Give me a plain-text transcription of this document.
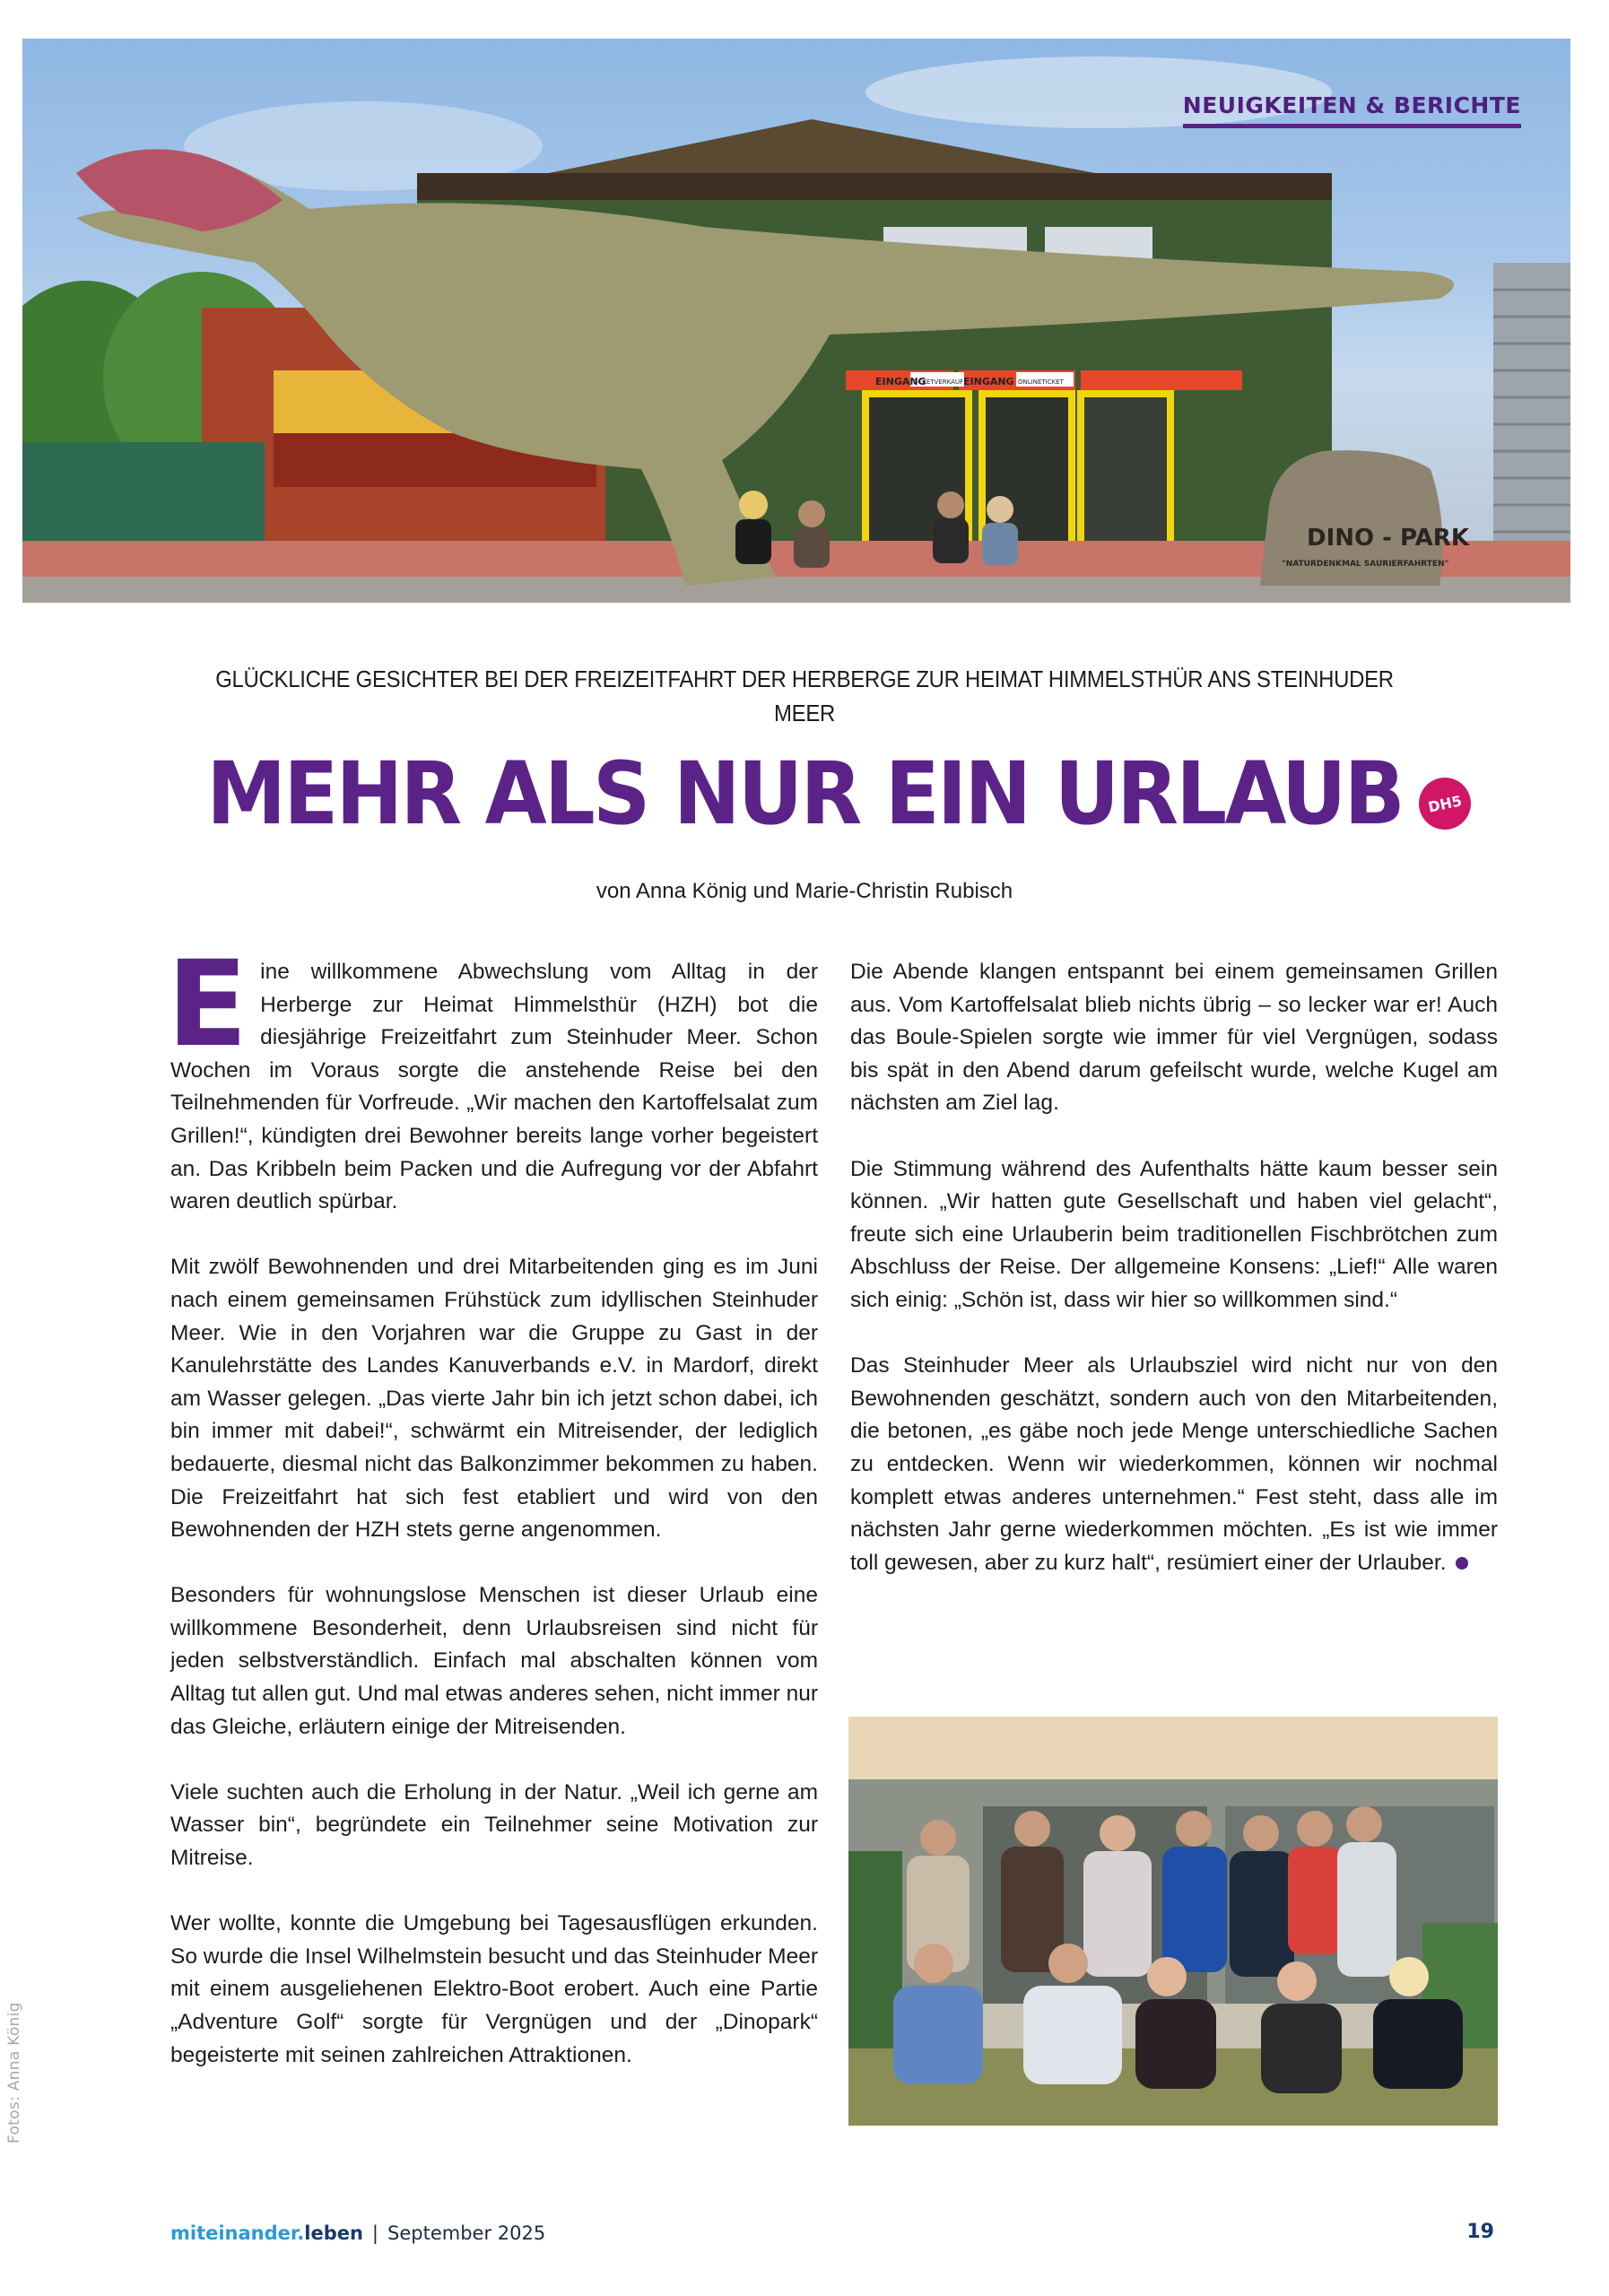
EINGANG
TICKETVERKAUF EINGANG ONLINETICKET
DINO - PARK
"NATURDENKMAL SAURIERFAHRTEN"
NEUIGKEITEN & BERICHTE
GLÜCKLICHE GESICHTER BEI DER FREIZEITFAHRT DER HERBERGE ZUR HEIMAT HIMMELSTHÜR ANS STEINHUDER MEER
MEHR ALS NUR EIN URLAUB	DH5
von Anna König und Marie-Christin Rubisch

Eine willkommene Abwechslung vom Alltag in der Herberge zur Heimat Himmelsthür (HZH) bot die diesjährige Freizeitfahrt zum Steinhuder Meer. Schon Wochen im Voraus sorgte die anstehende Reise bei den Teilnehmenden für Vorfreude. „Wir machen den Kartoffelsalat zum Grillen!“, kündigten drei Bewohner bereits lange vorher begeistert an. Das Kribbeln beim Packen und die Aufregung vor der Abfahrt waren deutlich spürbar.

Mit zwölf Bewohnenden und drei Mitarbeitenden ging es im Juni nach einem gemeinsamen Frühstück zum idyllischen Steinhuder Meer. Wie in den Vorjahren war die Gruppe zu Gast in der Kanulehrstätte des Landes Kanuverbands e.V. in Mardorf, direkt am Wasser gelegen. „Das vierte Jahr bin ich jetzt schon dabei, ich bin immer mit dabei!“, schwärmt ein Mitreisender, der lediglich bedauerte, diesmal nicht das Balkonzimmer bekommen zu haben. Die Freizeitfahrt hat sich fest etabliert und wird von den Bewohnenden der HZH stets gerne angenommen.

Besonders für wohnungslose Menschen ist dieser Urlaub eine willkommene Besonderheit, denn Urlaubsreisen sind nicht für jeden selbstverständlich. Einfach mal abschalten können vom Alltag tut allen gut. Und mal etwas anderes sehen, nicht immer nur das Gleiche, erläutern einige der Mitreisenden.

Viele suchten auch die Erholung in der Natur. „Weil ich gerne am Wasser bin“, begründete ein Teilnehmer seine Motivation zur Mitreise.

Wer wollte, konnte die Umgebung bei Tagesausflügen erkunden. So wurde die Insel Wilhelmstein besucht und das Steinhuder Meer mit einem ausgeliehenen Elektro-Boot erobert. Auch eine Partie „Adventure Golf“ sorgte für Vergnügen und der „Dinopark“ begeisterte mit seinen zahlreichen Attraktionen.

Die Abende klangen entspannt bei einem gemeinsamen Grillen aus. Vom Kartoffelsalat blieb nichts übrig – so lecker war er! Auch das Boule-Spielen sorgte wie immer für viel Vergnügen, sodass bis spät in den Abend darum gefeilscht wurde, welche Kugel am nächsten am Ziel lag.

Die Stimmung während des Aufenthalts hätte kaum besser sein können. „Wir hatten gute Gesellschaft und haben viel gelacht“, freute sich eine Urlauberin beim traditionellen Fischbrötchen zum Abschluss der Reise. Der allgemeine Konsens: „Lief!“ Alle waren sich einig: „Schön ist, dass wir hier so willkommen sind.“

Das Steinhuder Meer als Urlaubsziel wird nicht nur von den Bewohnenden geschätzt, sondern auch von den Mitarbeitenden, die betonen, „es gäbe noch jede Menge unterschiedliche Sachen zu entdecken. Wenn wir wiederkommen, können wir nochmal komplett etwas anderes unternehmen.“ Fest steht, dass alle im nächsten Jahr gerne wiederkommen möchten. „Es ist wie immer toll gewesen, aber zu kurz halt“, resümiert einer der Urlauber.

Fotos: Anna König
miteinander.leben | September 2025	19
